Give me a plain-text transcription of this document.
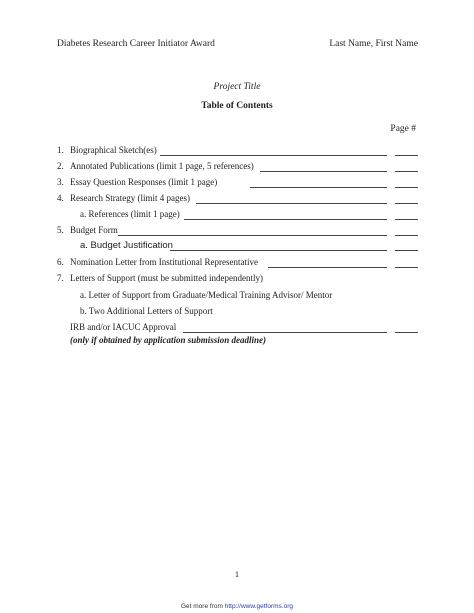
Diabetes Research Career Initiator Award	Last Name, First Name
Project Title
Table of Contents
Page #
1. Biographical Sketch(es)
2. Annotated Publications (limit 1 page, 5 references)
3. Essay Question Responses (limit 1 page)
4. Research Strategy (limit 4 pages)
a. References (limit 1 page)
5. Budget Form
a. Budget Justification
6. Nomination Letter from Institutional Representative
7. Letters of Support (must be submitted independently)
a. Letter of Support from Graduate/Medical Training Advisor/ Mentor
b. Two Additional Letters of Support
IRB and/or IACUC Approval
(only if obtained by application submission deadline)
1
Get more from http://www.getforms.org
